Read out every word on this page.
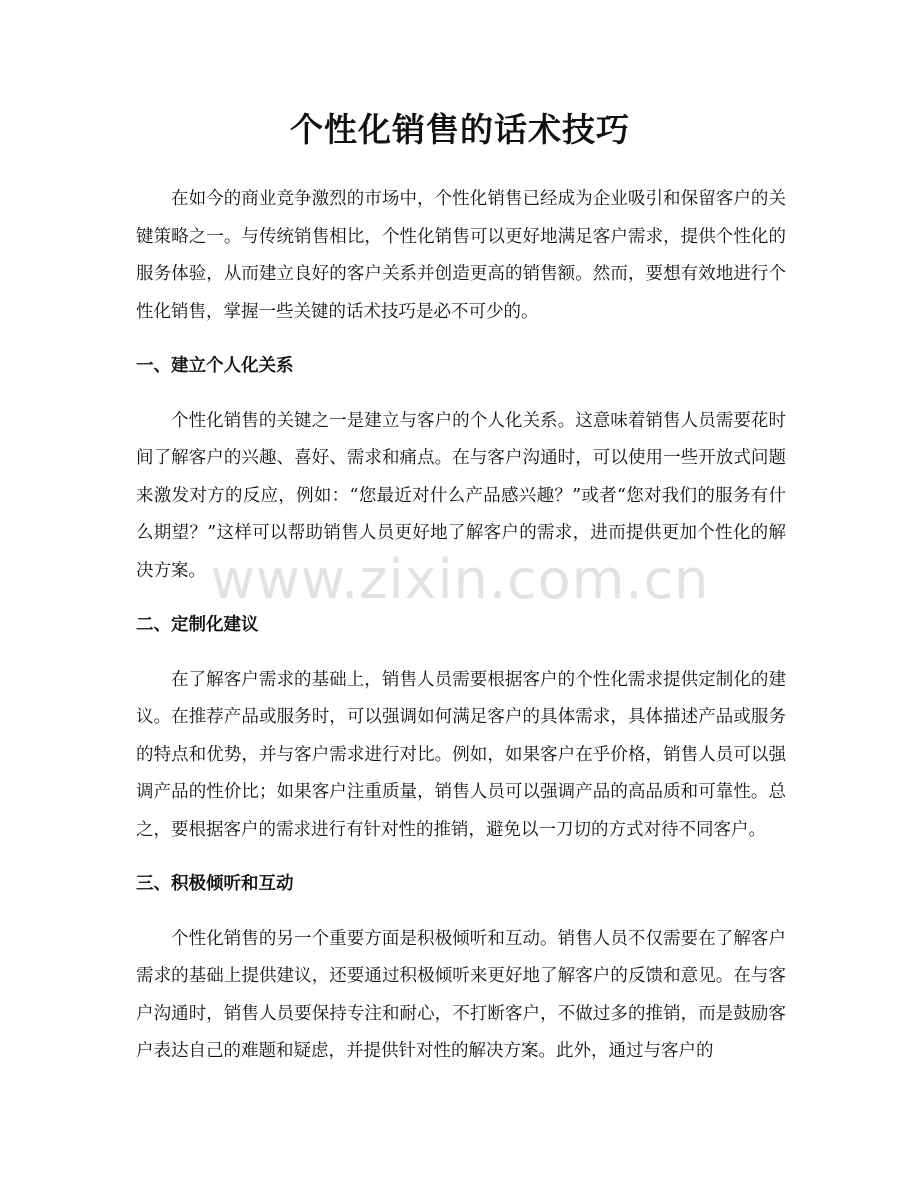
个性化销售的话术技巧

在如今的商业竞争激烈的市场中，个性化销售已经成为企业吸引和保留客户的关键策略之一。与传统销售相比，个性化销售可以更好地满足客户需求，提供个性化的服务体验，从而建立良好的客户关系并创造更高的销售额。然而，要想有效地进行个性化销售，掌握一些关键的话术技巧是必不可少的。

一、建立个人化关系

个性化销售的关键之一是建立与客户的个人化关系。这意味着销售人员需要花时间了解客户的兴趣、喜好、需求和痛点。在与客户沟通时，可以使用一些开放式问题来激发对方的反应，例如：“您最近对什么产品感兴趣？”或者“您对我们的服务有什么期望？”这样可以帮助销售人员更好地了解客户的需求，进而提供更加个性化的解决方案。

二、定制化建议

在了解客户需求的基础上，销售人员需要根据客户的个性化需求提供定制化的建议。在推荐产品或服务时，可以强调如何满足客户的具体需求，具体描述产品或服务的特点和优势，并与客户需求进行对比。例如，如果客户在乎价格，销售人员可以强调产品的性价比；如果客户注重质量，销售人员可以强调产品的高品质和可靠性。总之，要根据客户的需求进行有针对性的推销，避免以一刀切的方式对待不同客户。

三、积极倾听和互动

个性化销售的另一个重要方面是积极倾听和互动。销售人员不仅需要在了解客户需求的基础上提供建议，还要通过积极倾听来更好地了解客户的反馈和意见。在与客户沟通时，销售人员要保持专注和耐心，不打断客户，不做过多的推销，而是鼓励客户表达自己的难题和疑虑，并提供针对性的解决方案。此外，通过与客户的

www.zixin.com.cn
